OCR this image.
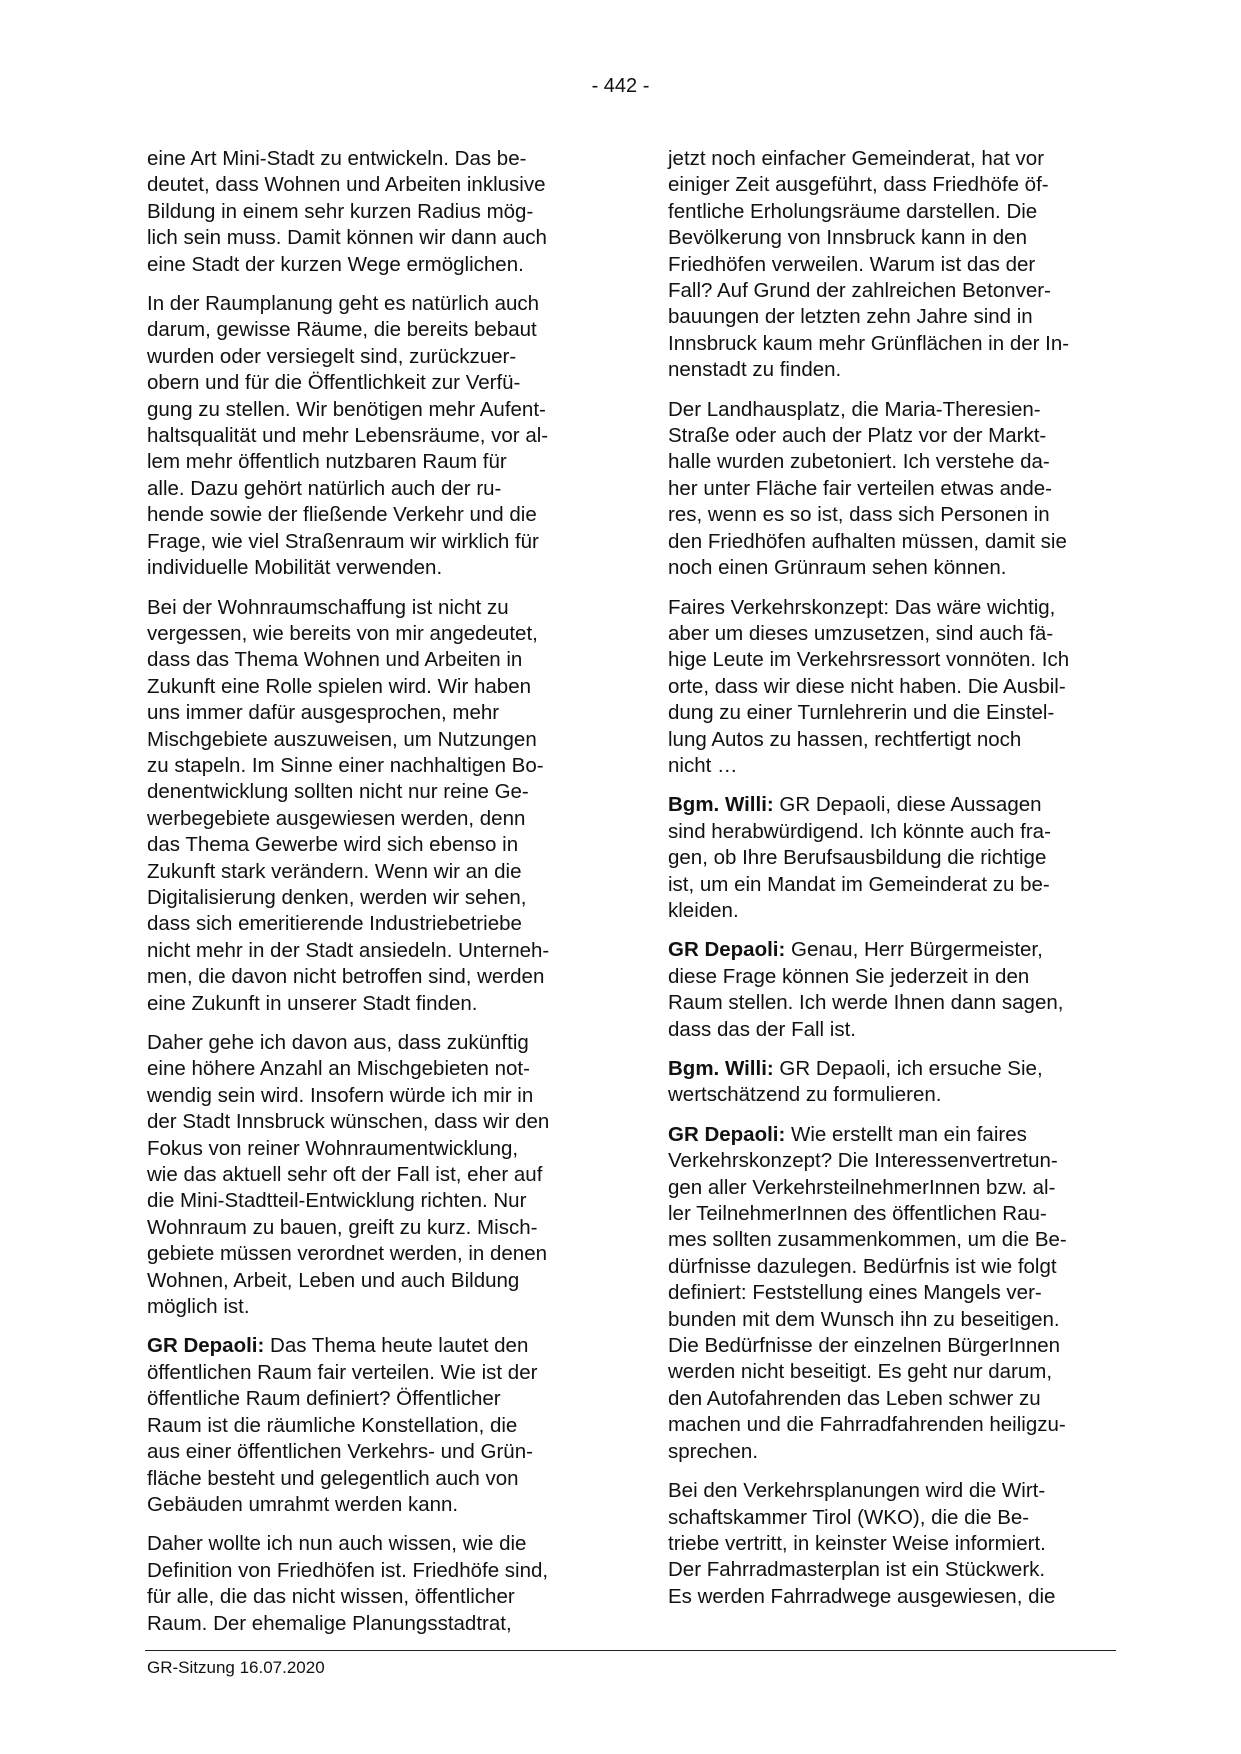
- 442 -

eine Art Mini-Stadt zu entwickeln. Das be-
deutet, dass Wohnen und Arbeiten inklusive
Bildung in einem sehr kurzen Radius mög-
lich sein muss. Damit können wir dann auch
eine Stadt der kurzen Wege ermöglichen.

In der Raumplanung geht es natürlich auch
darum, gewisse Räume, die bereits bebaut
wurden oder versiegelt sind, zurückzuer-
obern und für die Öffentlichkeit zur Verfü-
gung zu stellen. Wir benötigen mehr Aufent-
haltsqualität und mehr Lebensräume, vor al-
lem mehr öffentlich nutzbaren Raum für
alle. Dazu gehört natürlich auch der ru-
hende sowie der fließende Verkehr und die
Frage, wie viel Straßenraum wir wirklich für
individuelle Mobilität verwenden.

Bei der Wohnraumschaffung ist nicht zu
vergessen, wie bereits von mir angedeutet,
dass das Thema Wohnen und Arbeiten in
Zukunft eine Rolle spielen wird. Wir haben
uns immer dafür ausgesprochen, mehr
Mischgebiete auszuweisen, um Nutzungen
zu stapeln. Im Sinne einer nachhaltigen Bo-
denentwicklung sollten nicht nur reine Ge-
werbegebiete ausgewiesen werden, denn
das Thema Gewerbe wird sich ebenso in
Zukunft stark verändern. Wenn wir an die
Digitalisierung denken, werden wir sehen,
dass sich emeritierende Industriebetriebe
nicht mehr in der Stadt ansiedeln. Unterneh-
men, die davon nicht betroffen sind, werden
eine Zukunft in unserer Stadt finden.

Daher gehe ich davon aus, dass zukünftig
eine höhere Anzahl an Mischgebieten not-
wendig sein wird. Insofern würde ich mir in
der Stadt Innsbruck wünschen, dass wir den
Fokus von reiner Wohnraumentwicklung,
wie das aktuell sehr oft der Fall ist, eher auf
die Mini-Stadtteil-Entwicklung richten. Nur
Wohnraum zu bauen, greift zu kurz. Misch-
gebiete müssen verordnet werden, in denen
Wohnen, Arbeit, Leben und auch Bildung
möglich ist.

GR Depaoli: Das Thema heute lautet den
öffentlichen Raum fair verteilen. Wie ist der
öffentliche Raum definiert? Öffentlicher
Raum ist die räumliche Konstellation, die
aus einer öffentlichen Verkehrs- und Grün-
fläche besteht und gelegentlich auch von
Gebäuden umrahmt werden kann.

Daher wollte ich nun auch wissen, wie die
Definition von Friedhöfen ist. Friedhöfe sind,
für alle, die das nicht wissen, öffentlicher
Raum. Der ehemalige Planungsstadtrat,

jetzt noch einfacher Gemeinderat, hat vor
einiger Zeit ausgeführt, dass Friedhöfe öf-
fentliche Erholungsräume darstellen. Die
Bevölkerung von Innsbruck kann in den
Friedhöfen verweilen. Warum ist das der
Fall? Auf Grund der zahlreichen Betonver-
bauungen der letzten zehn Jahre sind in
Innsbruck kaum mehr Grünflächen in der In-
nenstadt zu finden.

Der Landhausplatz, die Maria-Theresien-
Straße oder auch der Platz vor der Markt-
halle wurden zubetoniert. Ich verstehe da-
her unter Fläche fair verteilen etwas ande-
res, wenn es so ist, dass sich Personen in
den Friedhöfen aufhalten müssen, damit sie
noch einen Grünraum sehen können.

Faires Verkehrskonzept: Das wäre wichtig,
aber um dieses umzusetzen, sind auch fä-
hige Leute im Verkehrsressort vonnöten. Ich
orte, dass wir diese nicht haben. Die Ausbil-
dung zu einer Turnlehrerin und die Einstel-
lung Autos zu hassen, rechtfertigt noch
nicht …

Bgm. Willi: GR Depaoli, diese Aussagen
sind herabwürdigend. Ich könnte auch fra-
gen, ob Ihre Berufsausbildung die richtige
ist, um ein Mandat im Gemeinderat zu be-
kleiden.

GR Depaoli: Genau, Herr Bürgermeister,
diese Frage können Sie jederzeit in den
Raum stellen. Ich werde Ihnen dann sagen,
dass das der Fall ist.

Bgm. Willi: GR Depaoli, ich ersuche Sie,
wertschätzend zu formulieren.

GR Depaoli: Wie erstellt man ein faires
Verkehrskonzept? Die Interessenvertretun-
gen aller VerkehrsteilnehmerInnen bzw. al-
ler TeilnehmerInnen des öffentlichen Rau-
mes sollten zusammenkommen, um die Be-
dürfnisse dazulegen. Bedürfnis ist wie folgt
definiert: Feststellung eines Mangels ver-
bunden mit dem Wunsch ihn zu beseitigen.
Die Bedürfnisse der einzelnen BürgerInnen
werden nicht beseitigt. Es geht nur darum,
den Autofahrenden das Leben schwer zu
machen und die Fahrradfahrenden heiligzu-
sprechen.

Bei den Verkehrsplanungen wird die Wirt-
schaftskammer Tirol (WKO), die die Be-
triebe vertritt, in keinster Weise informiert.
Der Fahrradmasterplan ist ein Stückwerk.
Es werden Fahrradwege ausgewiesen, die

GR-Sitzung 16.07.2020
